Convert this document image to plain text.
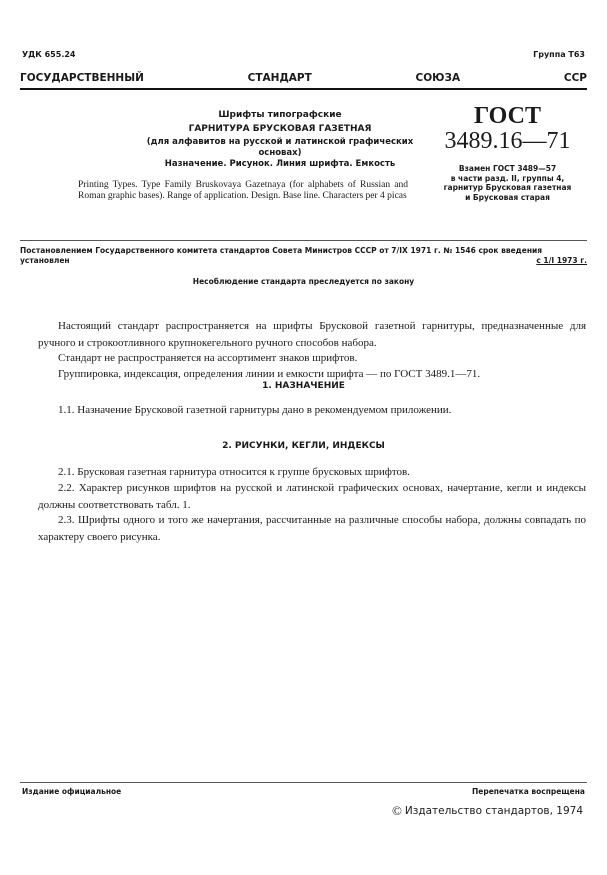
УДК 655.24	Группа Т63
ГОСУДАРСТВЕННЫЙ	СТАНДАРТ	СОЮЗА	ССР
Шрифты типографские
ГАРНИТУРА БРУСКОВАЯ ГАЗЕТНАЯ
(для алфавитов на русской и латинской графических основах)
Назначение. Рисунок. Линия шрифта. Емкость
Printing Types. Type Family Bruskovaya Gazetnaya (for alphabets of Russian and Roman graphic bases). Range of application. Design. Base line. Characters per 4 picas
ГОСТ
3489.16—71
Взамен ГОСТ 3489—57
в части разд. II, группы 4,
гарнитур Брусковая газетная
и Брусковая старая
Постановлением Государственного комитета стандартов Совета Министров СССР от 7/IX 1971 г. № 1546 срок введения
установлен	с 1/I 1973 г.
Несоблюдение стандарта преследуется по закону
Настоящий стандарт распространяется на шрифты Брусковой газетной гарнитуры, предназначенные для ручного и строкоотливного крупнокегельного ручного способов набора.
Стандарт не распространяется на ассортимент знаков шрифтов.
Группировка, индексация, определения линии и емкости шрифта — по ГОСТ 3489.1—71.
1. НАЗНАЧЕНИЕ
1.1. Назначение Брусковой газетной гарнитуры дано в рекомендуемом приложении.
2. РИСУНКИ, КЕГЛИ, ИНДЕКСЫ
2.1. Брусковая газетная гарнитура относится к группе брусковых шрифтов.
2.2. Характер рисунков шрифтов на русской и латинской графических основах, начертание, кегли и индексы должны соответствовать табл. 1.
2.3. Шрифты одного и того же начертания, рассчитанные на различные способы набора, должны совпадать по характеру своего рисунка.
Издание официальное	Перепечатка воспрещена
© Издательство стандартов, 1974
